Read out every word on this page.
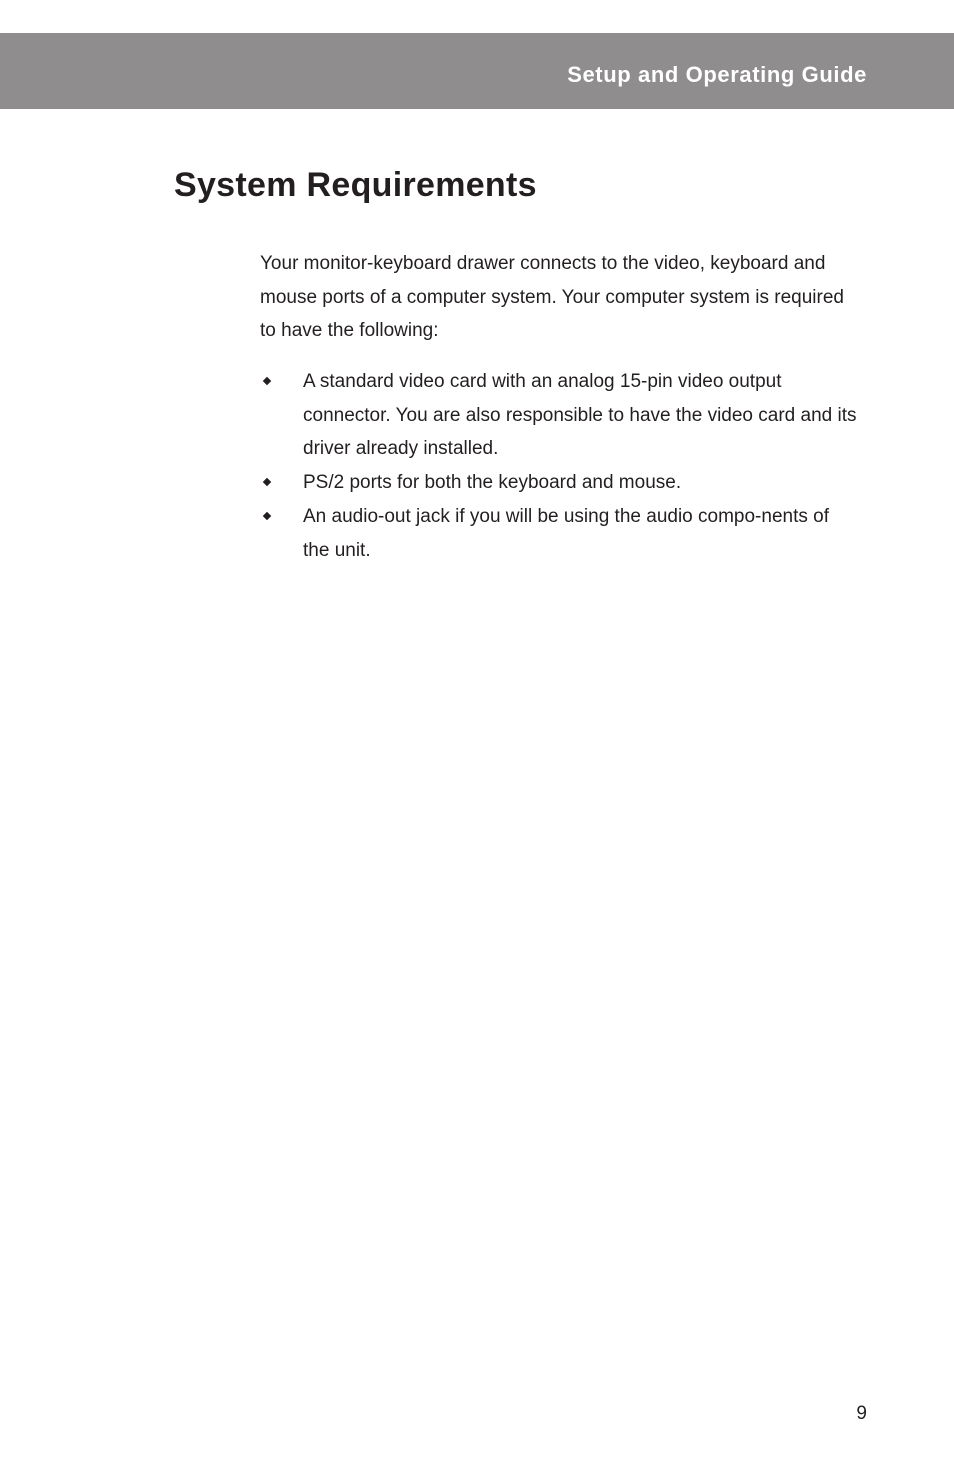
Setup and Operating Guide
System Requirements

Your monitor-keyboard drawer connects to the video, keyboard and mouse ports of a computer system. Your computer system is required to have the following:

A standard video card with an analog 15-pin video output connector. You are also responsible to have the video card and its driver already installed.
PS/2 ports for both the keyboard and mouse.
An audio-out jack if you will be using the audio compo-nents of the unit.
9
